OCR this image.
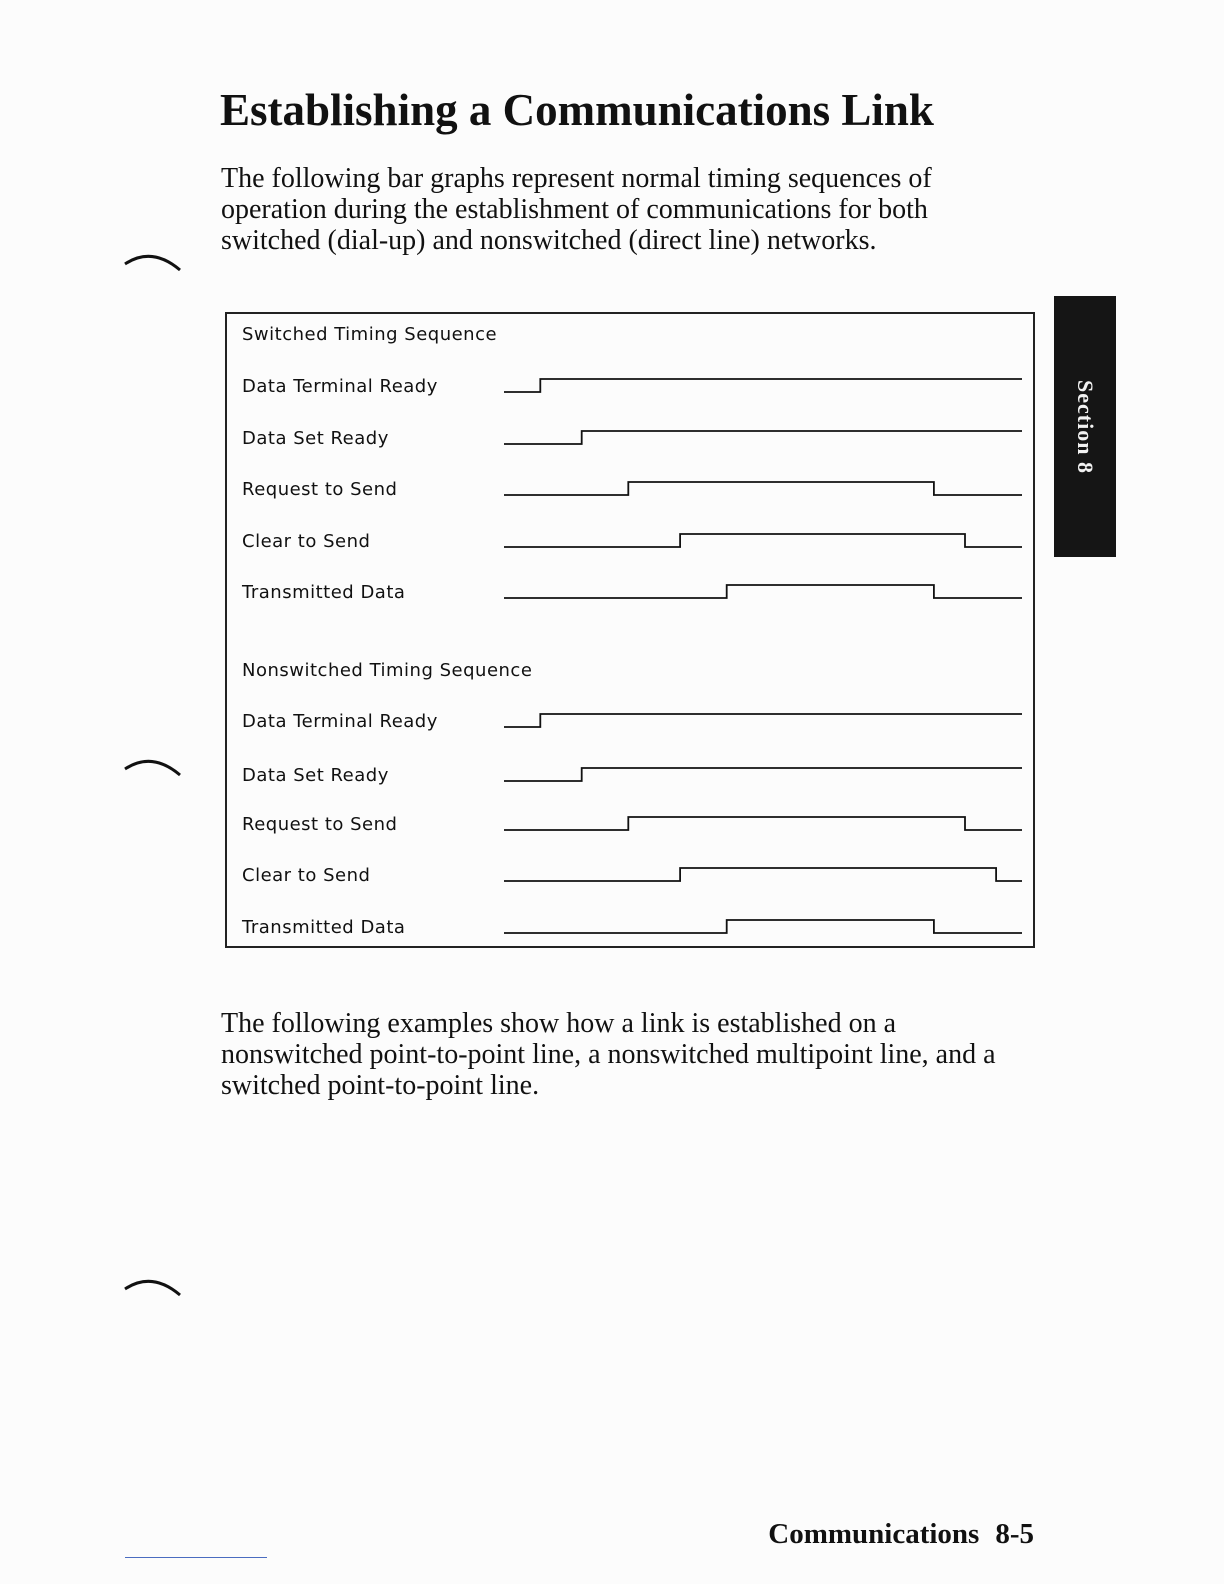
Establishing a Communications Link

The following bar graphs represent normal timing sequences of operation during the establishment of communications for both switched (dial-up) and nonswitched (direct line) networks.

Switched Timing Sequence
Data Terminal Ready
Data Set Ready
Request to Send
Clear to Send
Transmitted Data
Nonswitched Timing Sequence
Data Terminal Ready
Data Set Ready
Request to Send
Clear to Send
Transmitted Data

The following examples show how a link is established on a nonswitched point-to-point line, a nonswitched multipoint line, and a switched point-to-point line.

Section 8
Communications 8-5
